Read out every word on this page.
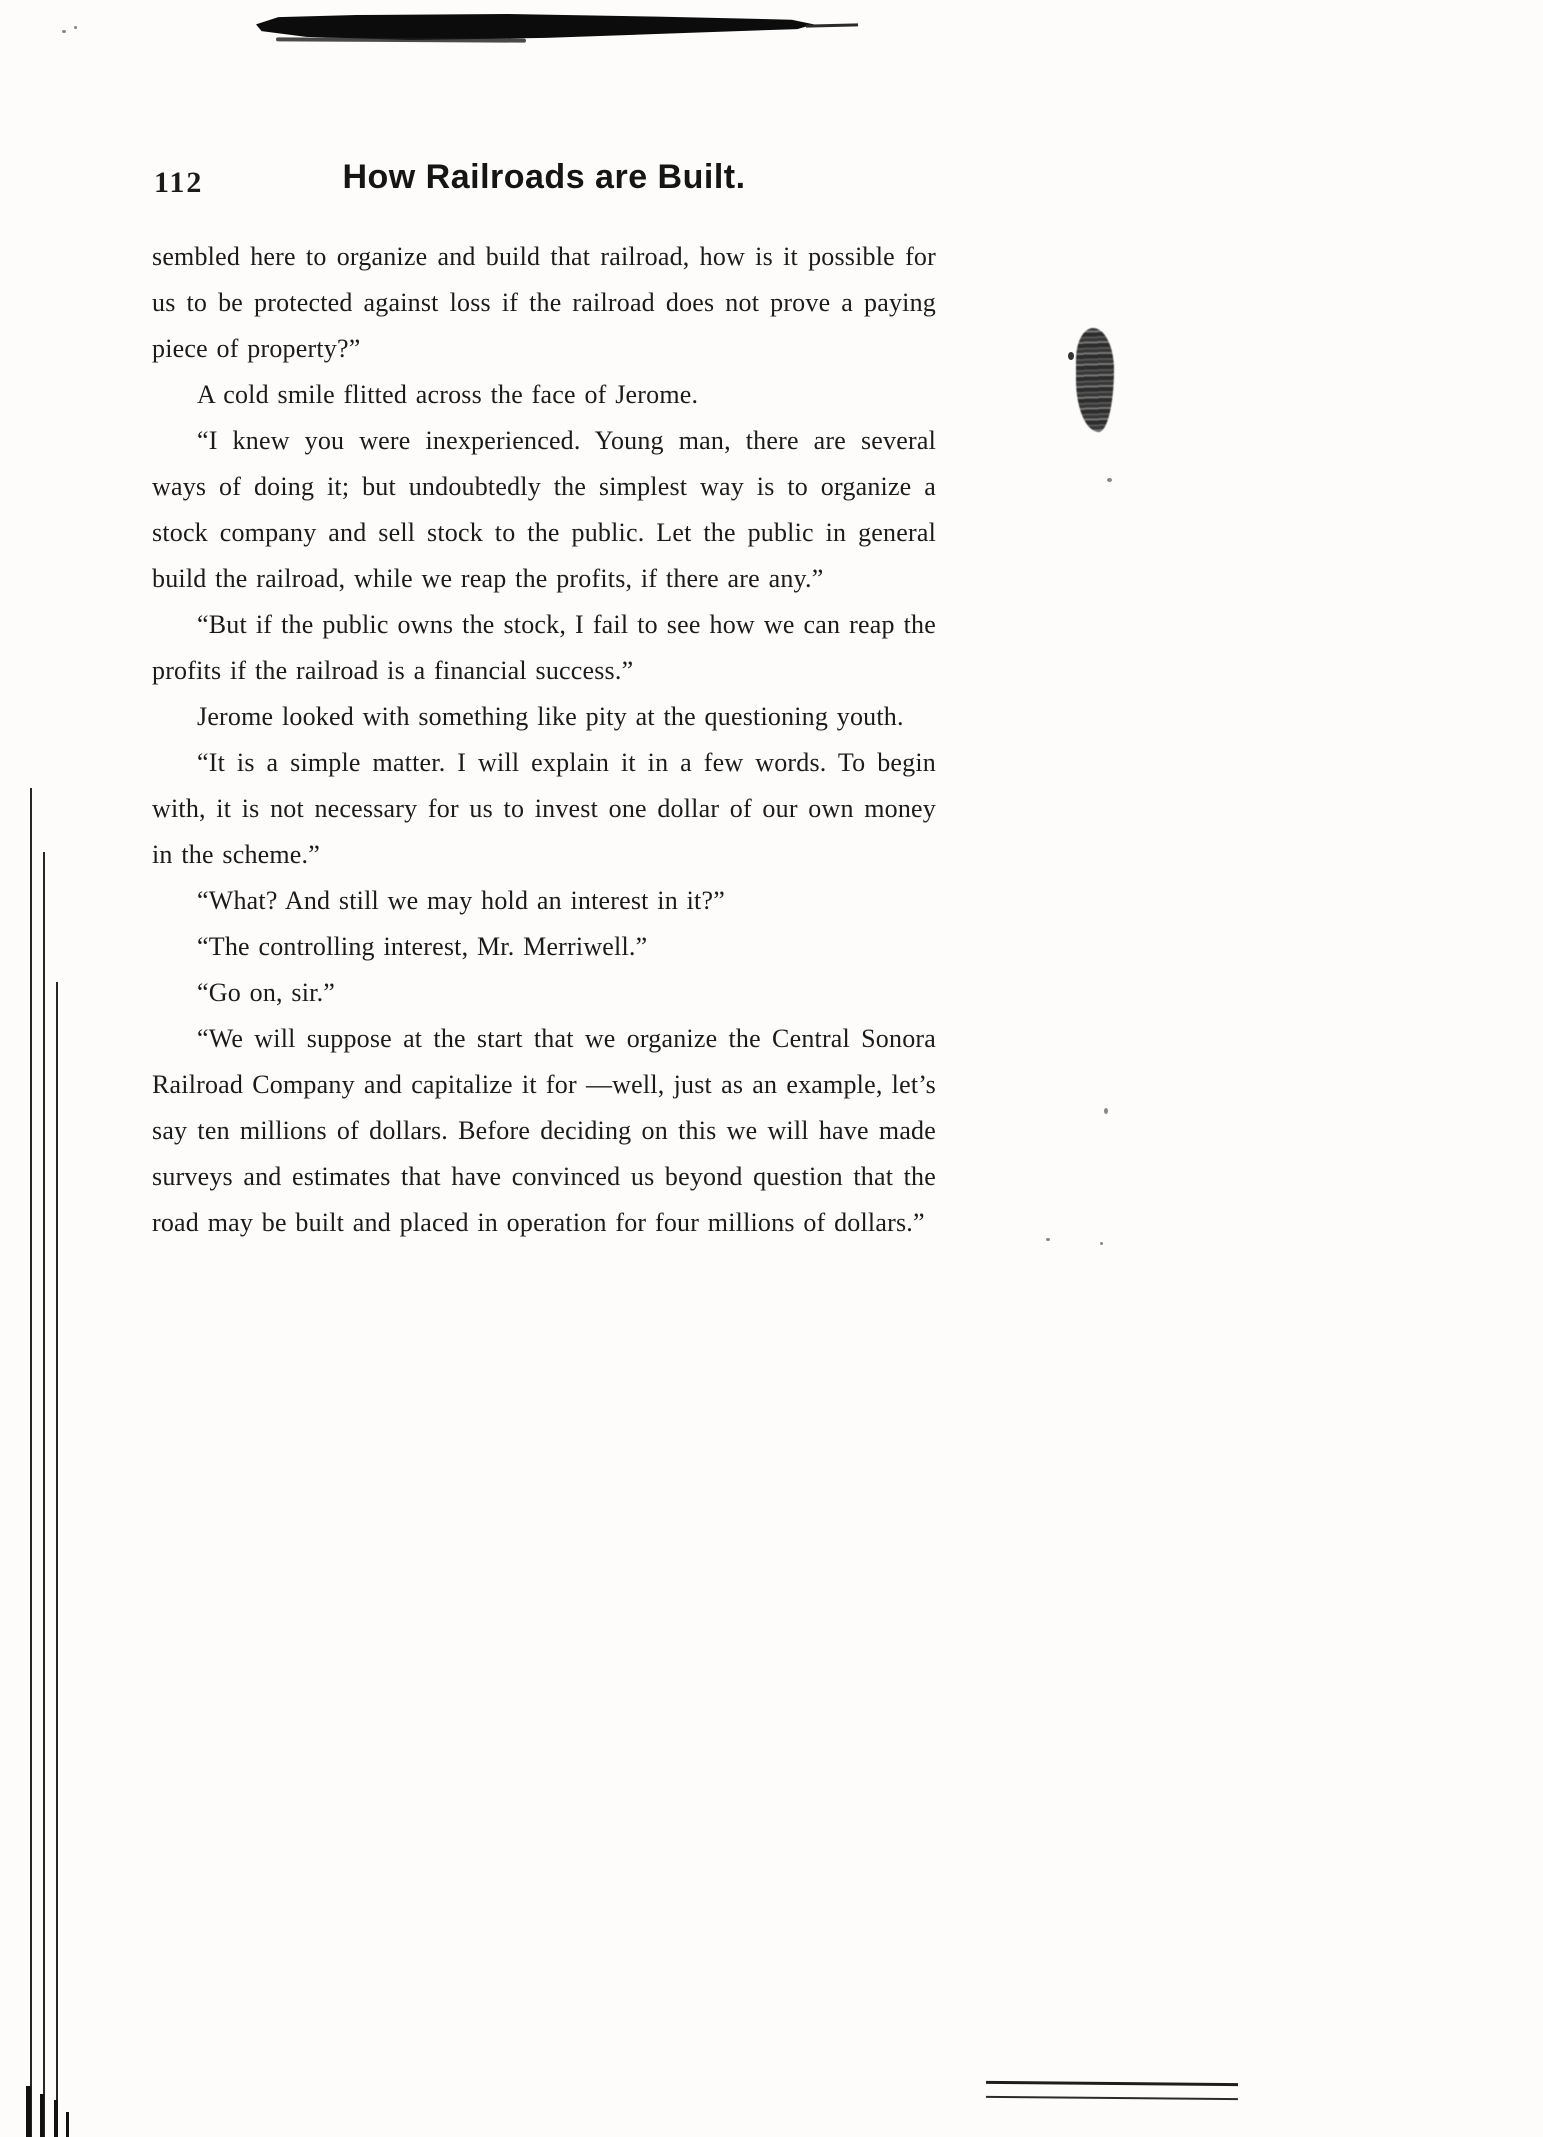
112	How Railroads are Built.

sembled here to organize and build that railroad, how is it possible for us to be protected against loss if the railroad does not prove a paying piece of property?”

A cold smile flitted across the face of Jerome.

“I knew you were inexperienced. Young man, there are several ways of doing it; but undoubtedly the simplest way is to organize a stock company and sell stock to the public. Let the public in general build the railroad, while we reap the profits, if there are any.”

“But if the public owns the stock, I fail to see how we can reap the profits if the railroad is a financial success.”

Jerome looked with something like pity at the questioning youth.

“It is a simple matter. I will explain it in a few words. To begin with, it is not necessary for us to invest one dollar of our own money in the scheme.”

“What? And still we may hold an interest in it?”

“The controlling interest, Mr. Merriwell.”

“Go on, sir.”

“We will suppose at the start that we organize the Central Sonora Railroad Company and capitalize it for —well, just as an example, let’s say ten millions of dollars. Before deciding on this we will have made surveys and estimates that have convinced us beyond question that the road may be built and placed in operation for four millions of dollars.”
